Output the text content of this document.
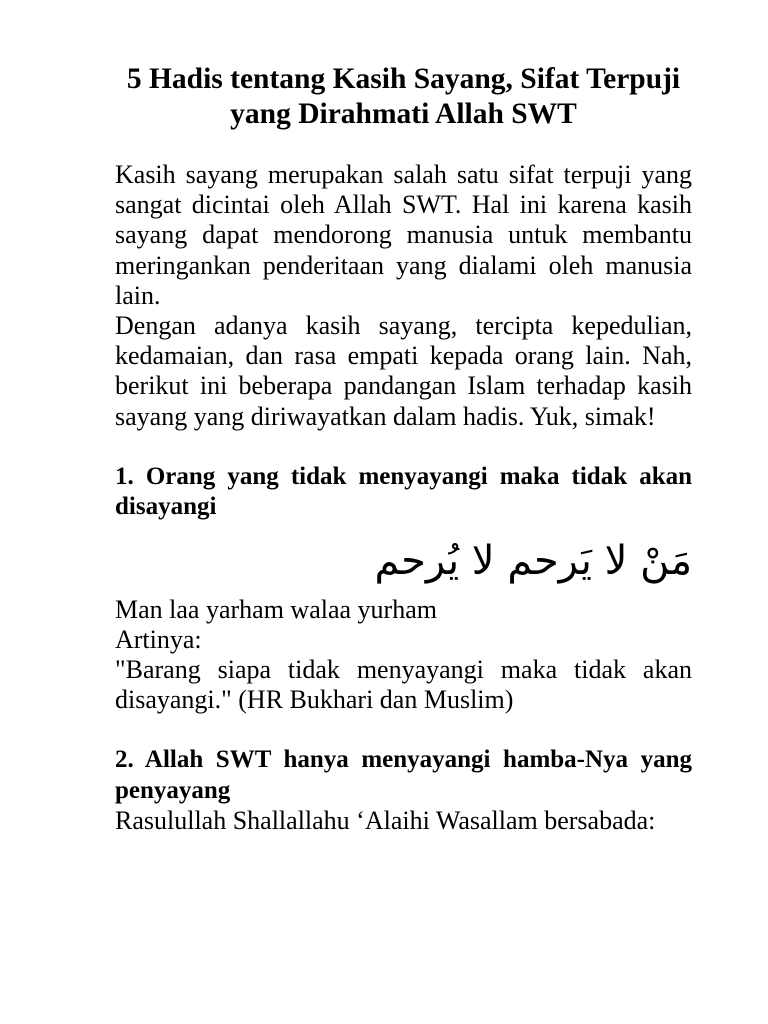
5 Hadis tentang Kasih Sayang, Sifat Terpuji yang Dirahmati Allah SWT

Kasih sayang merupakan salah satu sifat terpuji yang sangat dicintai oleh Allah SWT. Hal ini karena kasih sayang dapat mendorong manusia untuk membantu meringankan penderitaan yang dialami oleh manusia lain.

Dengan adanya kasih sayang, tercipta kepedulian, kedamaian, dan rasa empati kepada orang lain. Nah, berikut ini beberapa pandangan Islam terhadap kasih sayang yang diriwayatkan dalam hadis. Yuk, simak!

1. Orang yang tidak menyayangi maka tidak akan disayangi
مَنْ لا يَرحم لا يُرحم

Man laa yarham walaa yurham

Artinya:

"Barang siapa tidak menyayangi maka tidak akan disayangi." (HR Bukhari dan Muslim)

2. Allah SWT hanya menyayangi hamba-Nya yang penyayang

Rasulullah Shallallahu ‘Alaihi Wasallam bersabada:
